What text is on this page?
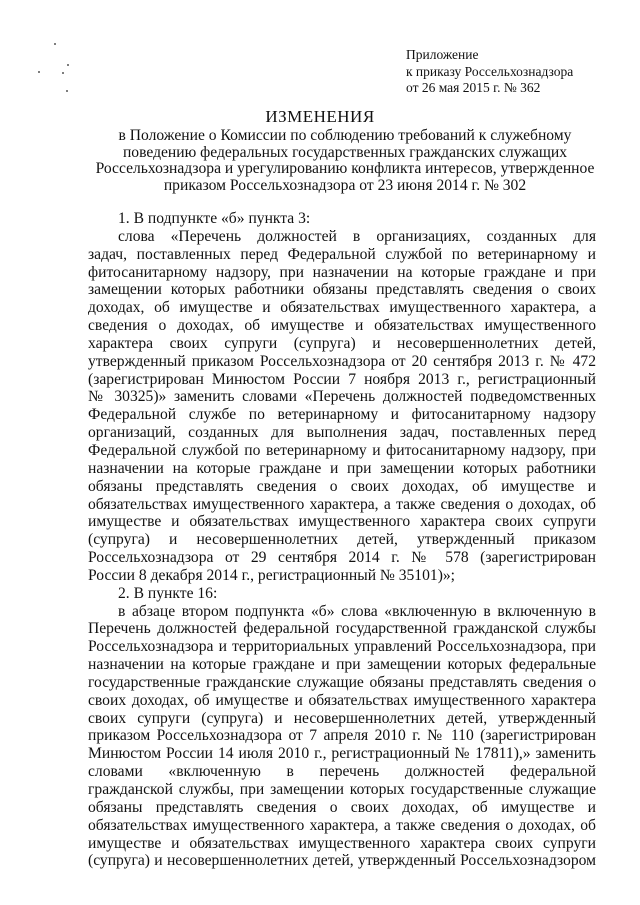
Приложение
к приказу Россельхознадзора
от 26 мая 2015 г. № 362
ИЗМЕНЕНИЯ
в Положение о Комиссии по соблюдению требований к служебному
поведению федеральных государственных гражданских служащих
Россельхознадзора и урегулированию конфликта интересов, утвержденное
приказом Россельхознадзора от 23 июня 2014 г. № 302
1. В подпункте «б» пункта 3:
слова «Перечень должностей в организациях, созданных для
задач, поставленных перед Федеральной службой по ветеринарному и
фитосанитарному надзору, при назначении на которые граждане и при
замещении которых работники обязаны представлять сведения о своих
доходах, об имуществе и обязательствах имущественного характера, а
сведения о доходах, об имуществе и обязательствах имущественного
характера своих супруги (супруга) и несовершеннолетних детей,
утвержденный приказом Россельхознадзора от 20 сентября 2013 г. № 472
(зарегистрирован Минюстом России 7 ноября 2013 г., регистрационный
№ 30325)» заменить словами «Перечень должностей подведомственных
Федеральной службе по ветеринарному и фитосанитарному надзору
организаций, созданных для выполнения задач, поставленных перед
Федеральной службой по ветеринарному и фитосанитарному надзору, при
назначении на которые граждане и при замещении которых работники
обязаны представлять сведения о своих доходах, об имуществе и
обязательствах имущественного характера, а также сведения о доходах, об
имуществе и обязательствах имущественного характера своих супруги
(супруга) и несовершеннолетних детей, утвержденный приказом
Россельхознадзора от 29 сентября 2014 г. № 578 (зарегистрирован
России 8 декабря 2014 г., регистрационный № 35101)»;
2. В пункте 16:
в абзаце втором подпункта «б» слова «включенную в включенную в
Перечень должностей федеральной государственной гражданской службы
Россельхознадзора и территориальных управлений Россельхознадзора, при
назначении на которые граждане и при замещении которых федеральные
государственные гражданские служащие обязаны представлять сведения о
своих доходах, об имуществе и обязательствах имущественного характера
своих супруги (супруга) и несовершеннолетних детей, утвержденный
приказом Россельхознадзора от 7 апреля 2010 г. № 110 (зарегистрирован
Минюстом России 14 июля 2010 г., регистрационный № 17811),» заменить
словами «включенную в перечень должностей федеральной
гражданской службы, при замещении которых государственные служащие
обязаны представлять сведения о своих доходах, об имуществе и
обязательствах имущественного характера, а также сведения о доходах, об
имуществе и обязательствах имущественного характера своих супруги
(супруга) и несовершеннолетних детей, утвержденный Россельхознадзором
